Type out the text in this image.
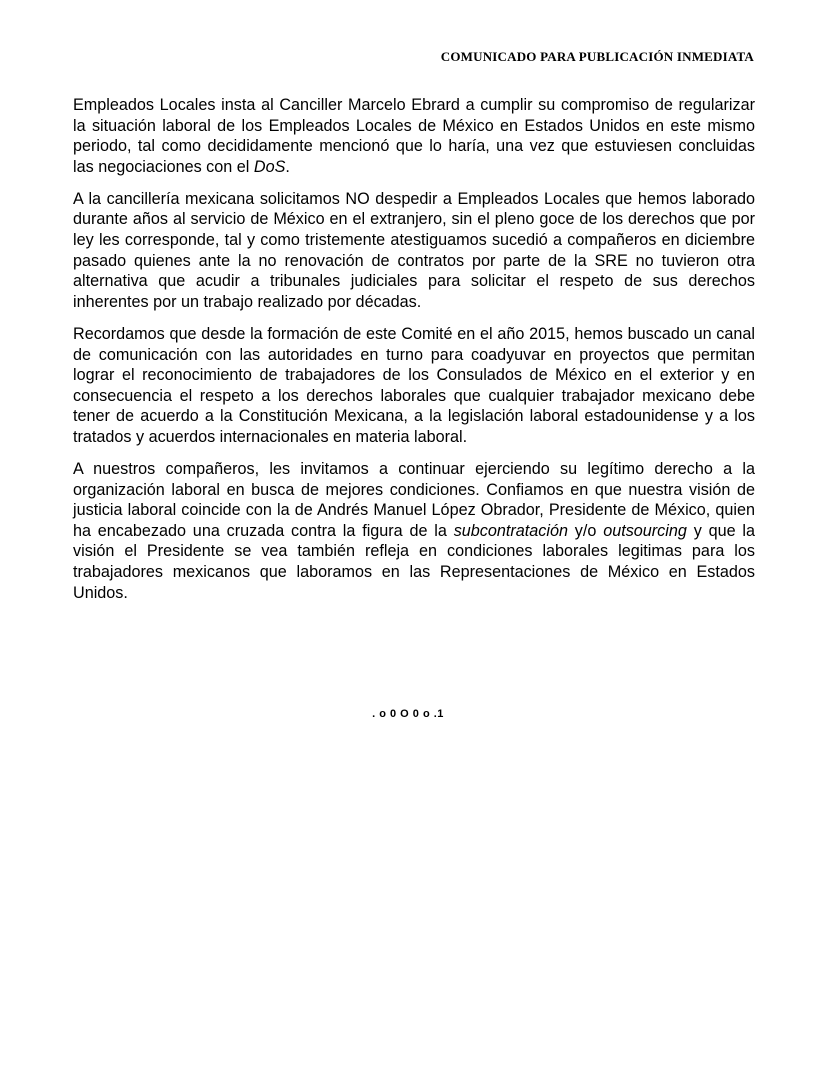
COMUNICADO PARA PUBLICACIÓN INMEDIATA

Empleados Locales insta al Canciller Marcelo Ebrard a cumplir su compromiso de regularizar la situación laboral de los Empleados Locales de México en Estados Unidos en este mismo periodo, tal como decididamente mencionó que lo haría, una vez que estuviesen concluidas las negociaciones con el DoS.

A la cancillería mexicana solicitamos NO despedir a Empleados Locales que hemos laborado durante años al servicio de México en el extranjero, sin el pleno goce de los derechos que por ley les corresponde, tal y como tristemente atestiguamos sucedió a compañeros en diciembre pasado quienes ante la no renovación de contratos por parte de la SRE no tuvieron otra alternativa que acudir a tribunales judiciales para solicitar el respeto de sus derechos inherentes por un trabajo realizado por décadas.

Recordamos que desde la formación de este Comité en el año 2015, hemos buscado un canal de comunicación con las autoridades en turno para coadyuvar en proyectos que permitan lograr el reconocimiento de trabajadores de los Consulados de México en el exterior y en consecuencia el respeto a los derechos laborales que cualquier trabajador mexicano debe tener de acuerdo a la Constitución Mexicana, a la legislación laboral estadounidense y a los tratados y acuerdos internacionales en materia laboral.

A nuestros compañeros, les invitamos a continuar ejerciendo su legítimo derecho a la organización laboral en busca de mejores condiciones. Confiamos en que nuestra visión de justicia laboral coincide con la de Andrés Manuel López Obrador, Presidente de México, quien ha encabezado una cruzada contra la figura de la subcontratación y/o outsourcing y que la visión el Presidente se vea también refleja en condiciones laborales legitimas para los trabajadores mexicanos que laboramos en las Representaciones de México en Estados Unidos.

. o 0 O 0 o .1
